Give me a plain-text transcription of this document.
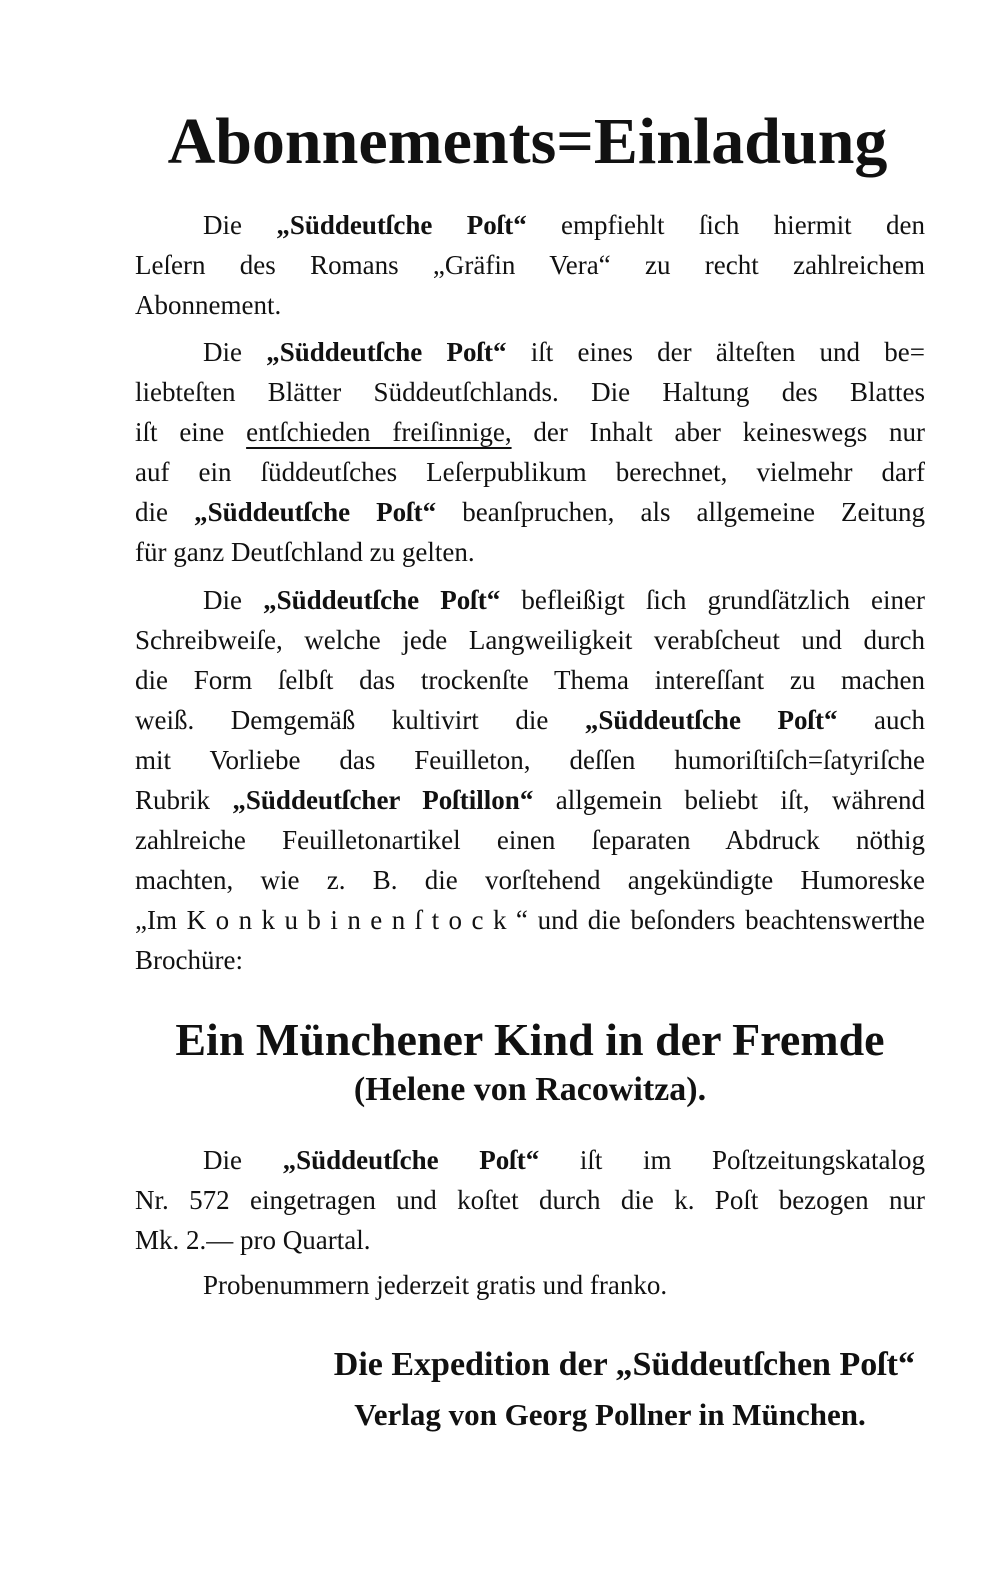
Abonnements=Einladung
Die „Süddeutſche Poſt“ empfiehlt ſich hiermit den
Leſern des Romans „Gräfin Vera“ zu recht zahlreichem
Abonnement.
Die „Süddeutſche Poſt“ iſt eines der älteſten und be=
liebteſten Blätter Süddeutſchlands. Die Haltung des Blattes
iſt eine entſchieden freiſinnige, der Inhalt aber keineswegs nur
auf ein ſüddeutſches Leſerpublikum berechnet, vielmehr darf
die „Süddeutſche Poſt“ beanſpruchen, als allgemeine Zeitung
für ganz Deutſchland zu gelten.
Die „Süddeutſche Poſt“ befleißigt ſich grundſätzlich einer
Schreibweiſe, welche jede Langweiligkeit verabſcheut und durch
die Form ſelbſt das trockenſte Thema intereſſant zu machen
weiß. Demgemäß kultivirt die „Süddeutſche Poſt“ auch
mit Vorliebe das Feuilleton, deſſen humoriſtiſch=ſatyriſche
Rubrik „Süddeutſcher Poſtillon“ allgemein beliebt iſt, während
zahlreiche Feuilletonartikel einen ſeparaten Abdruck nöthig
machten, wie z. B. die vorſtehend angekündigte Humoreske
„Im Konkubinenſtock“ und die beſonders beachtenswerthe
Brochüre:
Ein Münchener Kind in der Fremde
(Helene von Racowitza).
Die „Süddeutſche Poſt“ iſt im Poſtzeitungskatalog
Nr. 572 eingetragen und koſtet durch die k. Poſt bezogen nur
Mk. 2.— pro Quartal.
Probenummern jederzeit gratis und franko.
Die Expedition der „Süddeutſchen Poſt“
Verlag von Georg Pollner in München.
